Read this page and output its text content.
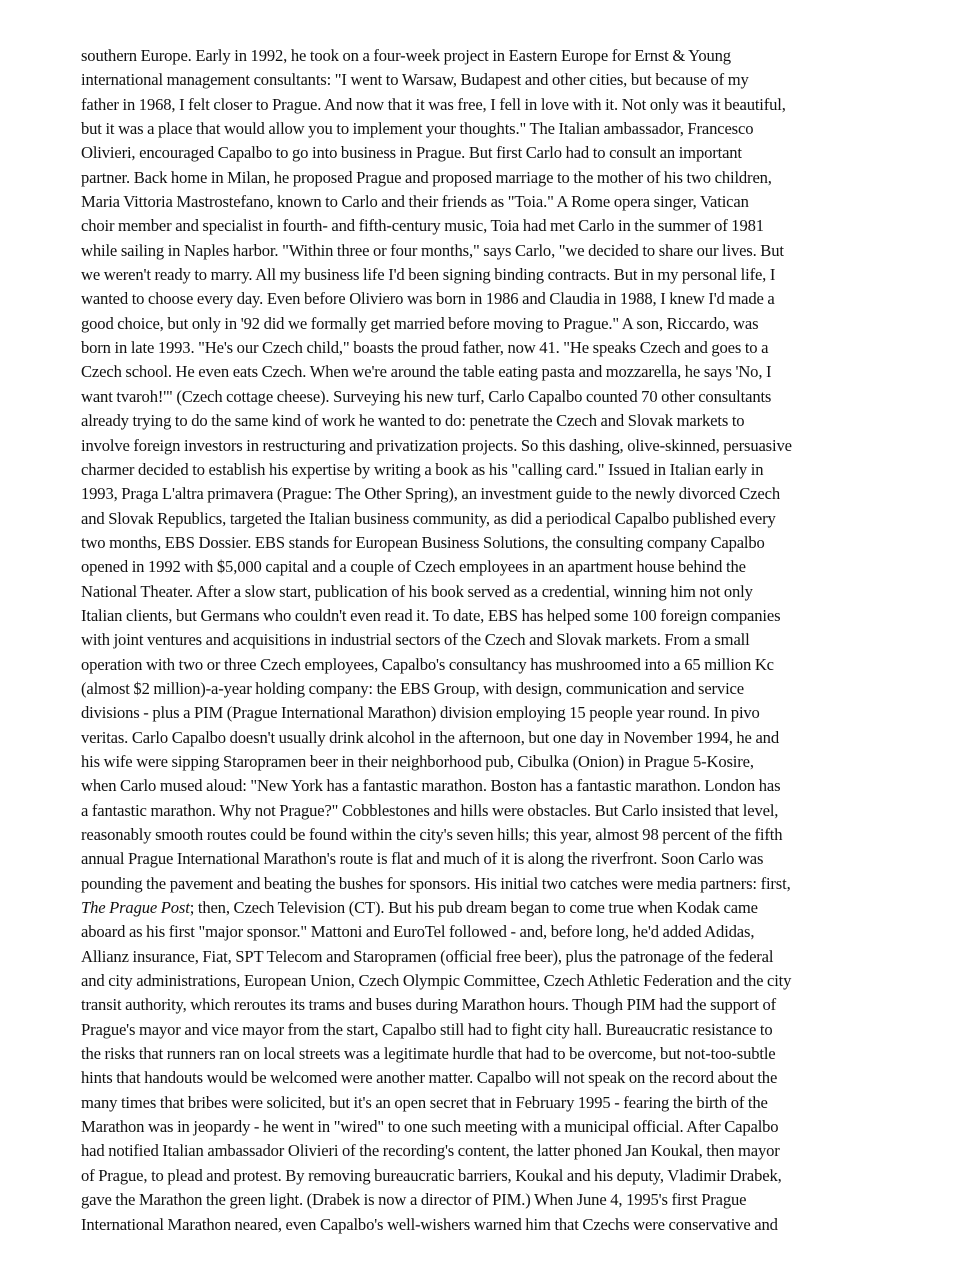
southern Europe. Early in 1992, he took on a four-week project in Eastern Europe for Ernst & Young
international management consultants: "I went to Warsaw, Budapest and other cities, but because of my
father in 1968, I felt closer to Prague. And now that it was free, I fell in love with it. Not only was it beautiful,
but it was a place that would allow you to implement your thoughts." The Italian ambassador, Francesco
Olivieri, encouraged Capalbo to go into business in Prague. But first Carlo had to consult an important
partner. Back home in Milan, he proposed Prague and proposed marriage to the mother of his two children,
Maria Vittoria Mastrostefano, known to Carlo and their friends as "Toia." A Rome opera singer, Vatican
choir member and specialist in fourth- and fifth-century music, Toia had met Carlo in the summer of 1981
while sailing in Naples harbor. "Within three or four months," says Carlo, "we decided to share our lives. But
we weren't ready to marry. All my business life I'd been signing binding contracts. But in my personal life, I
wanted to choose every day. Even before Oliviero was born in 1986 and Claudia in 1988, I knew I'd made a
good choice, but only in '92 did we formally get married before moving to Prague." A son, Riccardo, was
born in late 1993. "He's our Czech child," boasts the proud father, now 41. "He speaks Czech and goes to a
Czech school. He even eats Czech. When we're around the table eating pasta and mozzarella, he says 'No, I
want tvaroh!'" (Czech cottage cheese). Surveying his new turf, Carlo Capalbo counted 70 other consultants
already trying to do the same kind of work he wanted to do: penetrate the Czech and Slovak markets to
involve foreign investors in restructuring and privatization projects. So this dashing, olive-skinned, persuasive
charmer decided to establish his expertise by writing a book as his "calling card." Issued in Italian early in
1993, Praga L'altra primavera (Prague: The Other Spring), an investment guide to the newly divorced Czech
and Slovak Republics, targeted the Italian business community, as did a periodical Capalbo published every
two months, EBS Dossier. EBS stands for European Business Solutions, the consulting company Capalbo
opened in 1992 with $5,000 capital and a couple of Czech employees in an apartment house behind the
National Theater. After a slow start, publication of his book served as a credential, winning him not only
Italian clients, but Germans who couldn't even read it. To date, EBS has helped some 100 foreign companies
with joint ventures and acquisitions in industrial sectors of the Czech and Slovak markets. From a small
operation with two or three Czech employees, Capalbo's consultancy has mushroomed into a 65 million Kc
(almost $2 million)-a-year holding company: the EBS Group, with design, communication and service
divisions - plus a PIM (Prague International Marathon) division employing 15 people year round. In pivo
veritas. Carlo Capalbo doesn't usually drink alcohol in the afternoon, but one day in November 1994, he and
his wife were sipping Staropramen beer in their neighborhood pub, Cibulka (Onion) in Prague 5-Kosire,
when Carlo mused aloud: "New York has a fantastic marathon. Boston has a fantastic marathon. London has
a fantastic marathon. Why not Prague?" Cobblestones and hills were obstacles. But Carlo insisted that level,
reasonably smooth routes could be found within the city's seven hills; this year, almost 98 percent of the fifth
annual Prague International Marathon's route is flat and much of it is along the riverfront. Soon Carlo was
pounding the pavement and beating the bushes for sponsors. His initial two catches were media partners: first,
The Prague Post; then, Czech Television (CT). But his pub dream began to come true when Kodak came
aboard as his first "major sponsor." Mattoni and EuroTel followed - and, before long, he'd added Adidas,
Allianz insurance, Fiat, SPT Telecom and Staropramen (official free beer), plus the patronage of the federal
and city administrations, European Union, Czech Olympic Committee, Czech Athletic Federation and the city
transit authority, which reroutes its trams and buses during Marathon hours. Though PIM had the support of
Prague's mayor and vice mayor from the start, Capalbo still had to fight city hall. Bureaucratic resistance to
the risks that runners ran on local streets was a legitimate hurdle that had to be overcome, but not-too-subtle
hints that handouts would be welcomed were another matter. Capalbo will not speak on the record about the
many times that bribes were solicited, but it's an open secret that in February 1995 - fearing the birth of the
Marathon was in jeopardy - he went in "wired" to one such meeting with a municipal official. After Capalbo
had notified Italian ambassador Olivieri of the recording's content, the latter phoned Jan Koukal, then mayor
of Prague, to plead and protest. By removing bureaucratic barriers, Koukal and his deputy, Vladimir Drabek,
gave the Marathon the green light. (Drabek is now a director of PIM.) When June 4, 1995's first Prague
International Marathon neared, even Capalbo's well-wishers warned him that Czechs were conservative and
